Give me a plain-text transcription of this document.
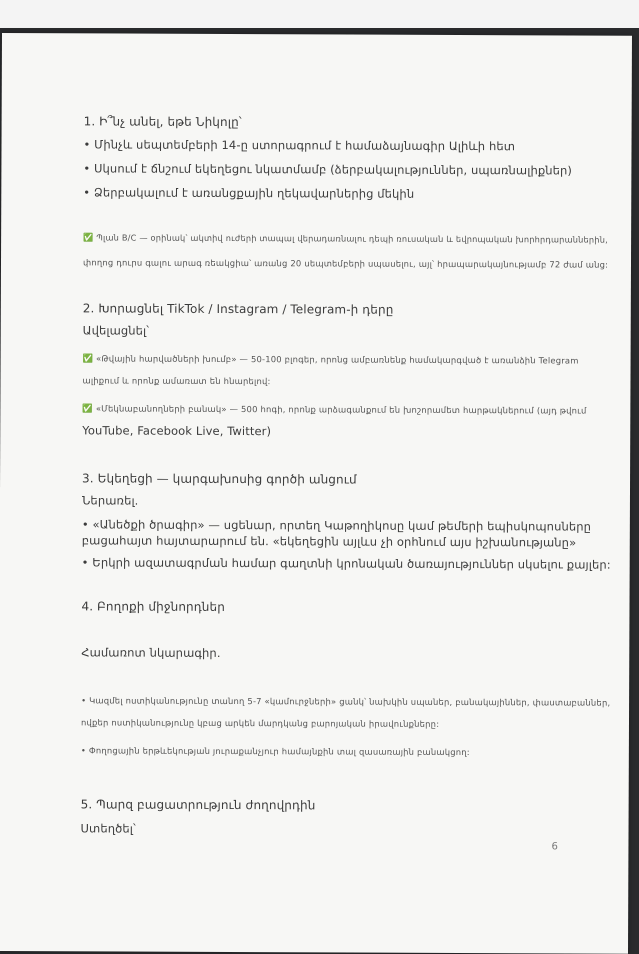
1. Ի՞նչ անել, եթե Նիկոլը՝
• Մինչև սեպտեմբերի 14-ը ստորագրում է համաձայնագիր Ալիևի հետ
• Սկսում է ճնշում եկեղեցու նկատմամբ (ձերբակալություններ, սպառնալիքներ)
• Ձերբակալում է առանցքային ղեկավարներից մեկին
✅ Պլան B/C — օրինակ՝ ակտիվ ուժերի տապալ վերադառնալու դեպի ռուսական և եվրոպական խորհրդարաններին,
փողոց դուրս գալու արագ ռեակցիա՝ առանց 20 սեպտեմբերի սպասելու, այլ՝ հրապարակայնությամբ 72 ժամ անց:
2. Խորացնել TikTok / Instagram / Telegram-ի դերը
Ավելացնել՝
✅ «Թվային հարվածների խումբ» — 50-100 բլոգեր, որոնց ամբառնենք համակարգված է առանձին Telegram
ալիքում և որոնք ամառատ են հնարելով:
✅ «Մեկնաբանողների բանակ» — 500 հոգի, որոնք արձագանքում են խոշորամետ հարթակներում (այդ թվում
YouTube, Facebook Live, Twitter)
3. Եկեղեցի — կարգախոսից գործի անցում
Ներառել.
• «Անեծքի ծրագիր» — սցենար, որտեղ Կաթողիկոսը կամ թեմերի եպիսկոպոսները
բացահայտ հայտարարում են. «եկեղեցին այլևս չի օրհնում այս իշխանությանը»
• Երկրի ազատագրման համար գաղտնի կրոնական ծառայություններ սկսելու քայլեր:
4. Բողոքի միջնորդներ
Համառոտ նկարագիր.
• Կազմել ոստիկանությունը տանող 5-7 «կամուրջների» ցանկ՝ նախկին սպաներ, բանակայիններ, փաստաբաններ,
ովքեր ոստիկանությունը կբաց արկեն մարդկանց բարոյական իրավունքները:
• Փողոցային երթևեկության յուրաքանչյուր համայնքին տալ զասառային բանակցող:
5. Պարզ բացատրություն ժողովրդին
Ստեղծել՝
6
